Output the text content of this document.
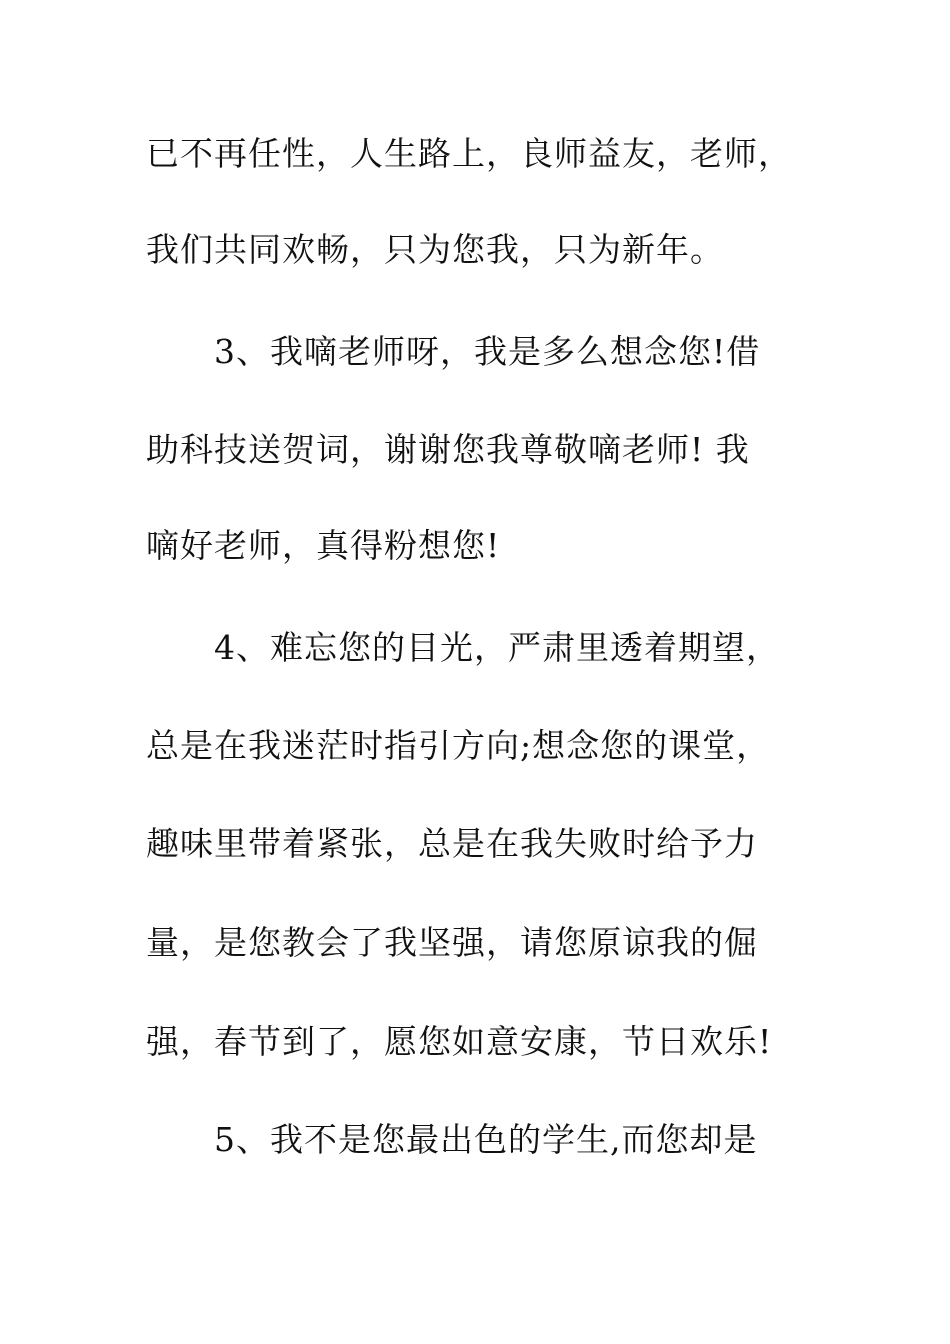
已不再任性，人生路上，良师益友，老师，
我们共同欢畅，只为您我，只为新年。
　　3、我嘀老师呀，我是多么想念您!借
助科技送贺词，谢谢您我尊敬嘀老师! 我
嘀好老师，真得粉想您!
　　4、难忘您的目光，严肃里透着期望，
总是在我迷茫时指引方向;想念您的课堂，
趣味里带着紧张，总是在我失败时给予力
量，是您教会了我坚强，请您原谅我的倔
强，春节到了，愿您如意安康，节日欢乐!
　　5、我不是您最出色的学生,而您却是
